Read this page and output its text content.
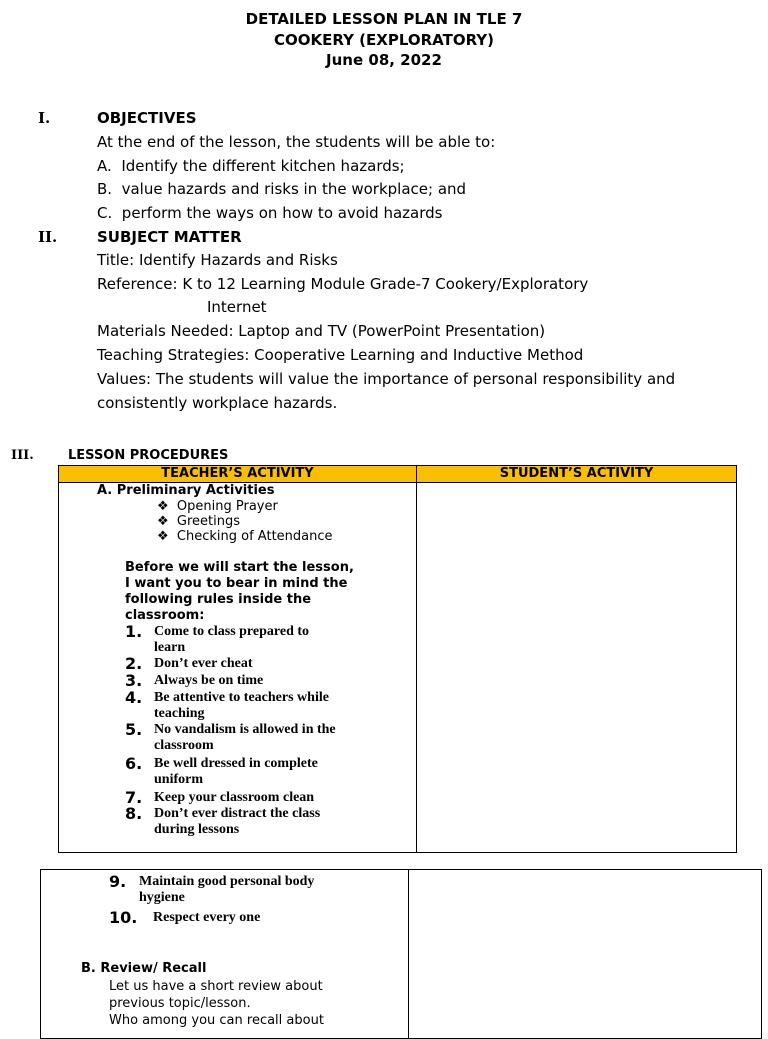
DETAILED LESSON PLAN IN TLE 7
COOKERY (EXPLORATORY)
June 08, 2022
I.	OBJECTIVES
At the end of the lesson, the students will be able to:
A. Identify the different kitchen hazards;
B. value hazards and risks in the workplace; and
C. perform the ways on how to avoid hazards
II.	SUBJECT MATTER
Title: Identify Hazards and Risks
Reference: K to 12 Learning Module Grade-7 Cookery/Exploratory
Internet
Materials Needed: Laptop and TV (PowerPoint Presentation)
Teaching Strategies: Cooperative Learning and Inductive Method
Values: The students will value the importance of personal responsibility and
consistently workplace hazards.
III.	LESSON PROCEDURES
TEACHER’S ACTIVITY	STUDENT’S ACTIVITY
A. Preliminary Activities
❖ Opening Prayer
❖ Greetings
❖ Checking of Attendance
Before we will start the lesson,
I want you to bear in mind the
following rules inside the
classroom:
1. Come to class prepared to
learn
2. Don’t ever cheat
3. Always be on time
4. Be attentive to teachers while
teaching
5. No vandalism is allowed in the
classroom
6. Be well dressed in complete
uniform
7. Keep your classroom clean
8. Don’t ever distract the class
during lessons
9. Maintain good personal body
hygiene
10. Respect every one
B. Review/ Recall
Let us have a short review about
previous topic/lesson.
Who among you can recall about
